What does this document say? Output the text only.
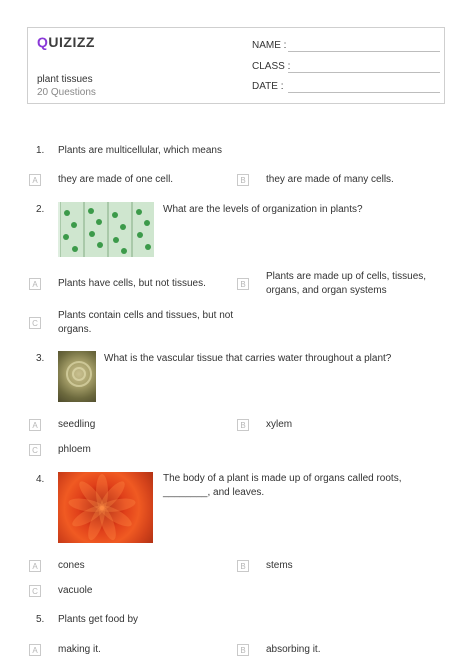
QUIZIZZ
plant tissues
20 Questions
NAME :
CLASS :
DATE :
1. Plants are multicellular, which means
A	they are made of one cell.	B	they are made of many cells.
2.	What are the levels of organization in plants?
A	Plants have cells, but not tissues.	B
Plants are made up of cells, tissues, organs, and organ systems
C
Plants contain cells and tissues, but not organs.
3.	What is the vascular tissue that carries water throughout a plant?
A	seedling	B	xylem
C	phloem
4.	The body of a plant is made up of organs called roots, ________, and leaves.
A	cones	B	stems
C	vacuole
5. Plants get food by
A	making it.	B	absorbing it.
